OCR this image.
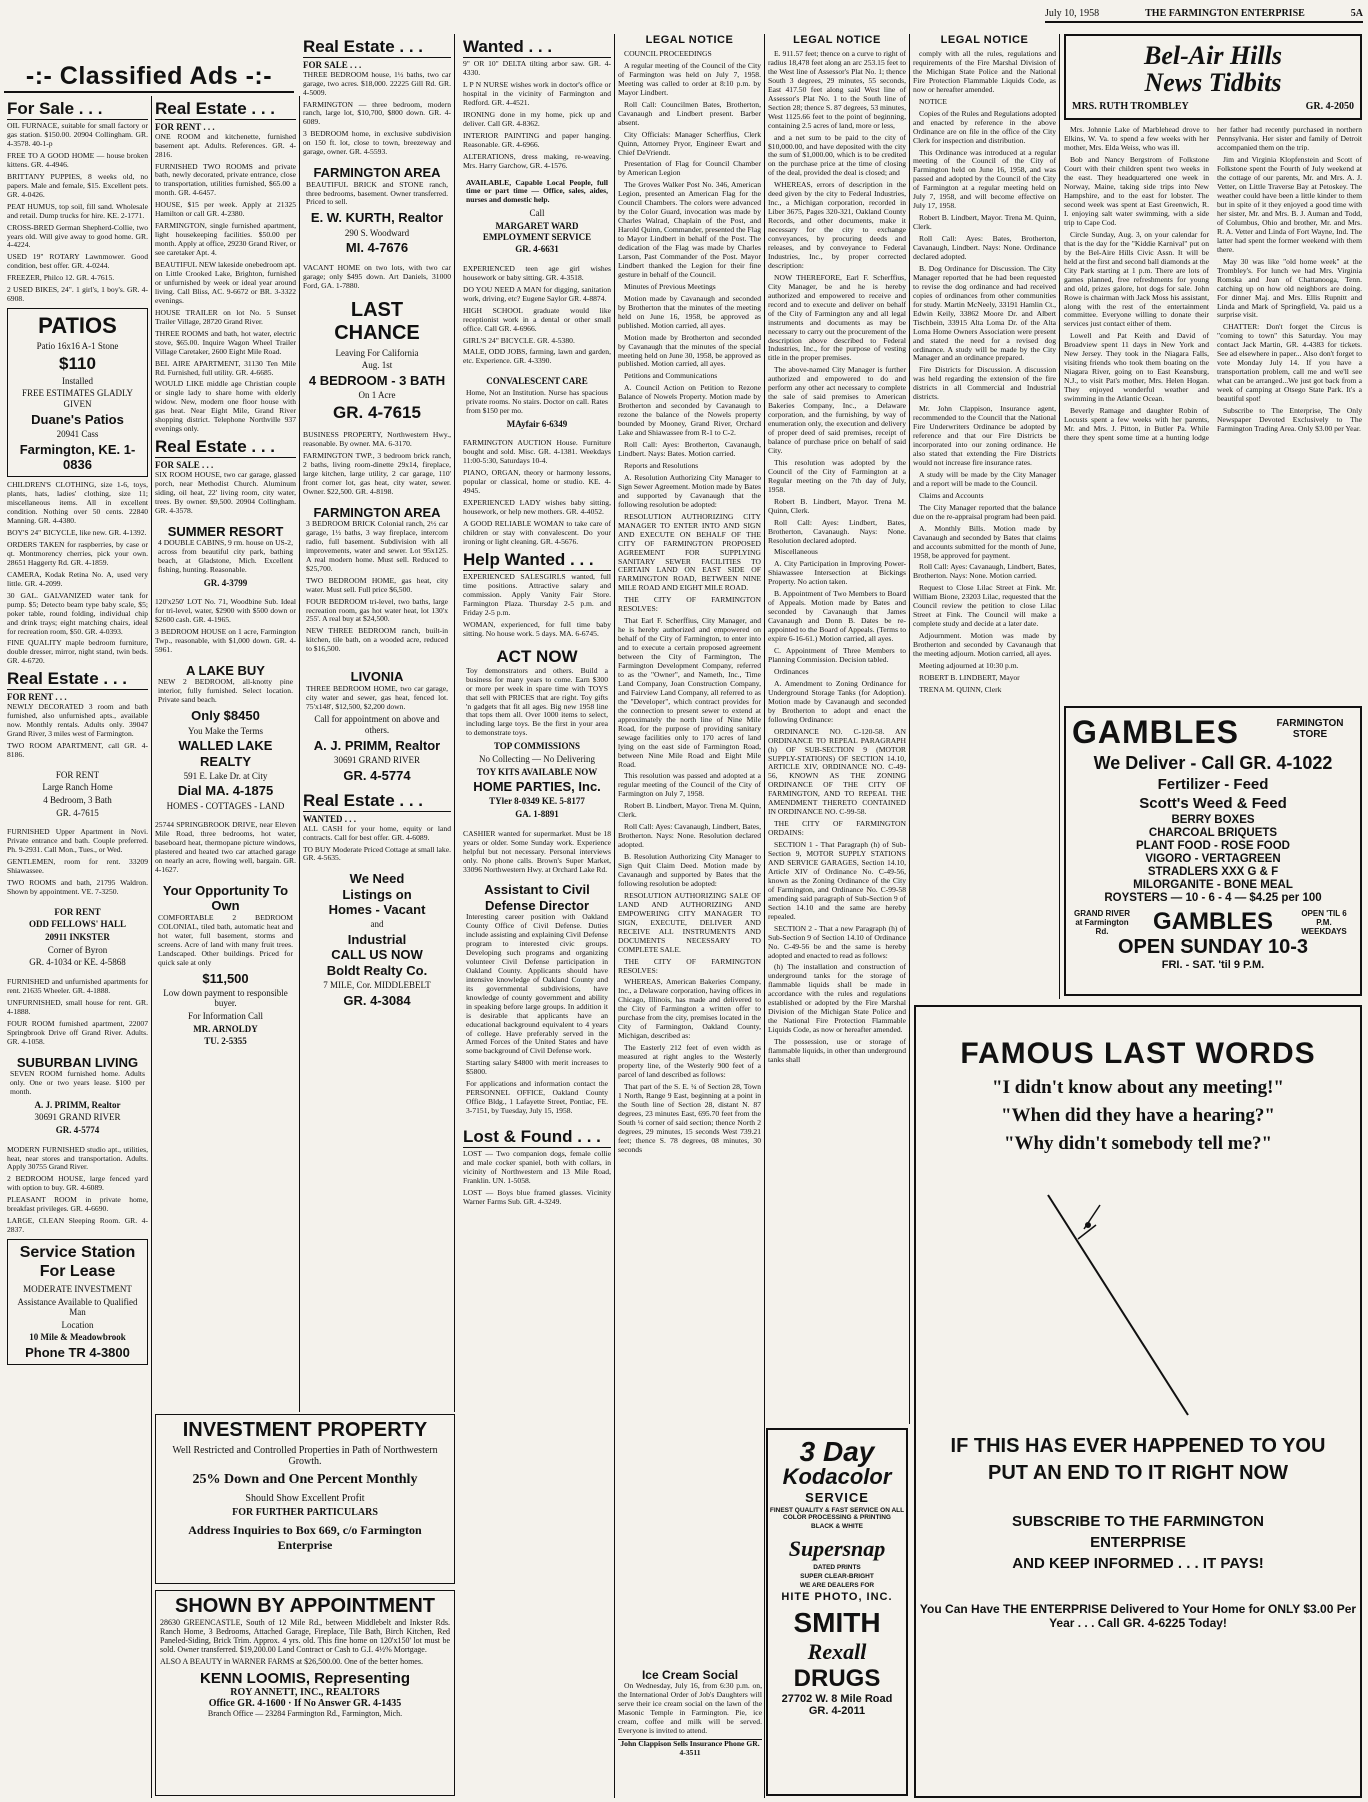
July 10, 1958	THE FARMINGTON ENTERPRISE	5A
-:- Classified Ads -:-
For Sale . . .
OIL FURNACE, suitable for small factory or gas station. $150.00. 20904 Collingham. GR. 4-3578. 40-1-p
FREE TO A GOOD HOME — house broken kittens. GR. 4-4946.
BRITTANY PUPPIES, 8 weeks old, no papers. Male and female, $15. Excellent pets. GR. 4-0426.
PEAT HUMUS, top soil, fill sand. Wholesale and retail. Dump trucks for hire. KE. 2-1771.
CROSS-BRED German Shepherd-Collie, two years old. Will give away to good home. GR. 4-4224.
USED 19" ROTARY Lawnmower. Good condition, best offer. GR. 4-0244.
FREEZER, Philco 12. GR. 4-7615.
2 USED BIKES, 24". 1 girl's, 1 boy's. GR. 4-6908.
PATIOS
Patio 16x16 A-1 Stone
$110
Installed
FREE ESTIMATES GLADLY GIVEN
Duane's Patios
20941 Cass
Farmington, KE. 1-0836
CHILDREN'S CLOTHING, size 1-6, toys, plants, hats, ladies' clothing, size 11; miscellaneous items. All in excellent condition. Nothing over 50 cents. 22840 Manning. GR. 4-4380.
BOY'S 24" BICYCLE, like new. GR. 4-1392.
ORDERS TAKEN for raspberries, by case or qt. Montmorency cherries, pick your own. 28651 Haggerty Rd. GR. 4-1859.
CAMERA, Kodak Retina No. A, used very little. GR. 4-2099.
30 GAL. GALVANIZED water tank for pump. $5; Detecto beam type baby scale, $5; poker table, round folding, individual chip and drink trays; eight matching chairs, ideal for recreation room, $50. GR. 4-0393.
FINE QUALITY maple bedroom furniture, double dresser, mirror, night stand, twin beds. GR. 4-6720.
Real Estate . . .
FOR RENT . . .
NEWLY DECORATED 3 room and bath furnished, also unfurnished apts., available now. Monthly rentals. Adults only. 39047 Grand River, 3 miles west of Farmington.
TWO ROOM APARTMENT, call GR. 4-8186.
FOR RENT
Large Ranch Home
4 Bedroom, 3 Bath
GR. 4-7615
FURNISHED Upper Apartment in Novi. Private entrance and bath. Couple preferred. Ph. 9-2931. Call Mon., Tues., or Wed.
GENTLEMEN, room for rent. 33209 Shiawassee.
TWO ROOMS and bath, 21795 Waldron. Shown by appointment. VE. 7-3250.
FOR RENT
ODD FELLOWS' HALL
20911 INKSTER
Corner of Byron
GR. 4-1034 or KE. 4-5868
FURNISHED and unfurnished apartments for rent. 21635 Wheeler. GR. 4-1888.
UNFURNISHED, small house for rent. GR. 4-1888.
FOUR ROOM furnished apartment, 22007 Springbrook Drive off Grand River. Adults. GR. 4-1058.
SUBURBAN LIVING
SEVEN ROOM furnished home. Adults only. One or two years lease. $100 per month.
A. J. PRIMM, Realtor
30691 GRAND RIVER
GR. 4-5774
MODERN FURNISHED studio apt., utilities, heat, near stores and transportation. Adults. Apply 30755 Grand River.
2 BEDROOM HOUSE, large fenced yard with option to buy. GR. 4-6089.
PLEASANT ROOM in private home, breakfast privileges. GR. 4-6690.
LARGE, CLEAN Sleeping Room. GR. 4-2837.
Service Station
For Lease
MODERATE INVESTMENT
Assistance Available to Qualified Man
Location
10 Mile & Meadowbrook
Phone TR 4-3800
Real Estate . . .
FOR RENT . . .
ONE ROOM and kitchenette, furnished basement apt. Adults. References. GR. 4-2816.
FURNISHED TWO ROOMS and private bath, newly decorated, private entrance, close to transportation, utilities furnished, $65.00 a month. GR. 4-6457.
HOUSE, $15 per week. Apply at 21325 Hamilton or call GR. 4-2380.
FARMINGTON, single furnished apartment, light housekeeping facilities. $50.00 per month. Apply at office, 29230 Grand River, or see caretaker Apt. 4.
BEAUTIFUL NEW lakeside onebedroom apt. on Little Crooked Lake, Brighton, furnished or unfurnished by week or ideal year around living. Call Bliss, AC. 9-6672 or BR. 3-3322 evenings.
HOUSE TRAILER on lot No. 5 Sunset Trailer Village, 28720 Grand River.
THREE ROOMS and bath, hot water, electric stove, $65.00. Inquire Wagon Wheel Trailer Village Caretaker, 2600 Eight Mile Road.
BEL AIRE APARTMENT, 31130 Ten Mile Rd. Furnished, full utility. GR. 4-6685.
WOULD LIKE middle age Christian couple or single lady to share home with elderly widow. New, modern one floor house with gas heat. Near Eight Mile, Grand River shopping district. Telephone Northville 937 evenings only.
Real Estate . . .
FOR SALE . . .
SIX ROOM HOUSE, two car garage, glassed porch, near Methodist Church. Aluminum siding, oil heat, 22' living room, city water, trees. By owner. $9,500. 20904 Collingham. GR. 4-3578.
SUMMER RESORT
4 DOUBLE CABINS, 9 rm. house on US-2, across from beautiful city park, bathing beach, at Gladstone, Mich. Excellent fishing, hunting. Reasonable.
GR. 4-3799
120'x250' LOT No. 71, Woodbine Sub. Ideal for tri-level, water, $2900 with $500 down or $2600 cash. GR. 4-1965.
3 BEDROOM HOUSE on 1 acre, Farmington Twp., reasonable, with $1,000 down. GR. 4-5961.
A LAKE BUY
NEW 2 BEDROOM, all-knotty pine interior, fully furnished. Select location. Private sand beach.
Only $8450
You Make the Terms
WALLED LAKE REALTY
591 E. Lake Dr. at City
Dial MA. 4-1875
HOMES - COTTAGES - LAND
25744 SPRINGBROOK DRIVE, near Eleven Mile Road, three bedrooms, hot water, baseboard heat, thermopane picture windows, plastered and heated two car attached garage on nearly an acre, flowing well, bargain. GR. 4-1627.
Your Opportunity To Own
COMFORTABLE 2 BEDROOM COLONIAL, tiled bath, automatic heat and hot water, full basement, storms and screens. Acre of land with many fruit trees. Landscaped. Other buildings. Priced for quick sale at only
$11,500
Low down payment to responsible buyer.
For Information Call
MR. ARNOLDY
TU. 2-5355
Real Estate . . .
FOR SALE . . .
THREE BEDROOM house, 1½ baths, two car garage, two acres. $18,000. 22225 Gill Rd. GR. 4-5009.
FARMINGTON — three bedroom, modern ranch, large lot, $10,700, $800 down. GR. 4-6089.
3 BEDROOM home, in exclusive subdivision on 150 ft. lot, close to town, breezeway and garage, owner. GR. 4-5593.
FARMINGTON AREA
BEAUTIFUL BRICK and STONE ranch, three bedrooms, basement. Owner transferred. Priced to sell.
E. W. KURTH, Realtor
290 S. Woodward
MI. 4-7676
VACANT HOME on two lots, with two car garage; only $495 down. Art Daniels, 31000 Ford, GA. 1-7880.
LAST CHANCE
Leaving For California
Aug. 1st
4 BEDROOM - 3 BATH
On 1 Acre
GR. 4-7615
BUSINESS PROPERTY, Northwestern Hwy., reasonable. By owner. MA. 6-3170.
FARMINGTON TWP., 3 bedroom brick ranch, 2 baths, living room-dinette 29x14, fireplace, large kitchen, large utility, 2 car garage, 110' front corner lot, gas heat, city water, sewer. Owner. $22,500. GR. 4-8198.
FARMINGTON AREA
3 BEDROOM BRICK Colonial ranch, 2½ car garage, 1½ baths, 3 way fireplace, intercom radio, full basement. Subdivision with all improvements, water and sewer. Lot 95x125. A real modern home. Must sell. Reduced to $25,700.
TWO BEDROOM HOME, gas heat, city water. Must sell. Full price $6,500.
FOUR BEDROOM tri-level, two baths, large recreation room, gas hot water heat, lot 130'x 255'. A real buy at $24,500.
NEW THREE BEDROOM ranch, built-in kitchen, tile bath, on a wooded acre, reduced to $16,500.
LIVONIA
THREE BEDROOM HOME, two car garage, city water and sewer, gas heat, fenced lot. 75'x148', $12,500, $2,200 down.
Call for appointment on above and others.
A. J. PRIMM, Realtor
30691 GRAND RIVER
GR. 4-5774
Real Estate . . .
WANTED . . .
ALL CASH for your home, equity or land contracts. Call for best offer. GR. 4-6089.
TO BUY Moderate Priced Cottage at small lake. GR. 4-5635.
We Need
Listings on
Homes - Vacant
and
Industrial
CALL US NOW
Boldt Realty Co.
7 MILE, Cor. MIDDLEBELT
GR. 4-3084
INVESTMENT PROPERTY
Well Restricted and Controlled Properties in Path of Northwestern Growth.
25% Down and One Percent Monthly
Should Show Excellent Profit
FOR FURTHER PARTICULARS
Address Inquiries to Box 669, c/o Farmington Enterprise
SHOWN BY APPOINTMENT
28630 GREENCASTLE, South of 12 Mile Rd., between Middlebelt and Inkster Rds. Ranch Home, 3 Bedrooms, Attached Garage, Fireplace, Tile Bath, Birch Kitchen, Red Paneled-Siding, Brick Trim. Approx. 4 yrs. old. This fine home on 120'x150' lot must be sold. Owner transferred. $19,200.00 Land Contract or Cash to G.I. 4½% Mortgage.
ALSO A BEAUTY in WARNER FARMS at $26,500.00. One of the better homes.
KENN LOOMIS, Representing
ROY ANNETT, INC., REALTORS
Office GR. 4-1600 · If No Answer GR. 4-1435
Branch Office — 23284 Farmington Rd., Farmington, Mich.
Wanted . . .
9" OR 10" DELTA tilting arbor saw. GR. 4-4330.
L P N NURSE wishes work in doctor's office or hospital in the vicinity of Farmington and Redford. GR. 4-4521.
IRONING done in my home, pick up and deliver. Call GR. 4-8362.
INTERIOR PAINTING and paper hanging. Reasonable. GR. 4-6966.
ALTERATIONS, dress making, re-weaving. Mrs. Harry Garchow, GR. 4-1576.
AVAILABLE, Capable Local People, full time or part time — Office, sales, aides, nurses and domestic help.
Call
MARGARET WARD EMPLOYMENT SERVICE
GR. 4-6631
EXPERIENCED teen age girl wishes housework or baby sitting. GR. 4-3518.
DO YOU NEED A MAN for digging, sanitation work, driving, etc? Eugene Saylor GR. 4-8874.
HIGH SCHOOL graduate would like receptionist work in a dental or other small office. Call GR. 4-6966.
GIRL'S 24" BICYCLE. GR. 4-5380.
MALE, ODD JOBS, farming, lawn and garden, etc. Experience. GR. 4-3390.
CONVALESCENT CARE
Home, Not an Institution. Nurse has spacious private rooms. No stairs. Doctor on call. Rates from $150 per mo.
MAyfair 6-6349
FARMINGTON AUCTION House. Furniture bought and sold. Misc. GR. 4-1381. Weekdays 11:00-5:30, Saturdays 10-4.
PIANO, ORGAN, theory or harmony lessons, popular or classical, home or studio. KE. 4-4945.
EXPERIENCED LADY wishes baby sitting, housework, or help new mothers. GR. 4-4052.
A GOOD RELIABLE WOMAN to take care of children or stay with convalescent. Do your ironing or light cleaning. GR. 4-5676.
Help Wanted . . .
EXPERIENCED SALESGIRLS wanted, full time positions. Attractive salary and commission. Apply Vanity Fair Store. Farmington Plaza. Thursday 2-5 p.m. and Friday 2-5 p.m.
WOMAN, experienced, for full time baby sitting. No house work. 5 days. MA. 6-6745.
ACT NOW
Toy demonstrators and others. Build a business for many years to come. Earn $300 or more per week in spare time with TOYS that sell with PRICES that are right. Toy gifts 'n gadgets that fit all ages. Big new 1958 line that tops them all. Over 1000 items to select, including large toys. Be the first in your area to demonstrate toys.
TOP COMMISSIONS
No Collecting — No Delivering
TOY KITS AVAILABLE NOW
HOME PARTIES, Inc.
TYler 8-0349 KE. 5-8177
GA. 1-8891
CASHIER wanted for supermarket. Must be 18 years or older. Some Sunday work. Experience helpful but not necessary. Personal interviews only. No phone calls. Brown's Super Market, 33096 Northwestern Hwy. at Orchard Lake Rd.
Assistant to Civil Defense Director
Interesting career position with Oakland County Office of Civil Defense. Duties include assisting and explaining Civil Defense program to interested civic groups. Developing such programs and organizing volunteer Civil Defense participation in Oakland County. Applicants should have intensive knowledge of Oakland County and its governmental subdivisions, have knowledge of county government and ability in speaking before large groups. In addition it is desirable that applicants have an educational background equivalent to 4 years of college. Have preferably served in the Armed Forces of the United States and have some background of Civil Defense work.
Starting salary $4800 with merit increases to $5800.
For applications and information contact the PERSONNEL OFFICE, Oakland County Office Bldg., 1 Lafayette Street, Pontiac, FE. 3-7151, by Tuesday, July 15, 1958.
Lost & Found . . .
LOST — Two companion dogs, female collie and male cocker spaniel, both with collars, in vicinity of Northwestern and 13 Mile Road, Franklin. UN. 1-5058.
LOST — Boys blue framed glasses. Vicinity Warner Farms Sub. GR. 4-3249.
LEGAL NOTICE
COUNCIL PROCEEDINGS
A regular meeting of the Council of the City of Farmington was held on July 7, 1958. Meeting was called to order at 8:10 p.m. by Mayor Lindbert.
Roll Call: Councilmen Bates, Brotherton, Cavanaugh and Lindbert present. Barber absent.
City Officials: Manager Scherffius, Clerk Quinn, Attorney Pryor, Engineer Ewart and Chief DeVriendt.
Presentation of Flag for Council Chamber by American Legion
The Groves Walker Post No. 346, American Legion, presented an American Flag for the Council Chambers. The colors were advanced by the Color Guard, invocation was made by Charles Walrad, Chaplain of the Post, and Harold Quinn, Commander, presented the Flag to Mayor Lindbert in behalf of the Post. The dedication of the Flag was made by Charles Larson, Past Commander of the Post. Mayor Lindbert thanked the Legion for their fine gesture in behalf of the Council.
Minutes of Previous Meetings
Motion made by Cavanaugh and seconded by Brotherton that the minutes of the meeting held on June 16, 1958, be approved as published. Motion carried, all ayes.
Motion made by Brotherton and seconded by Cavanaugh that the minutes of the special meeting held on June 30, 1958, be approved as published. Motion carried, all ayes.
Petitions and Communications
A. Council Action on Petition to Rezone Balance of Nowels Property. Motion made by Brotherton and seconded by Cavanaugh to rezone the balance of the Nowels property bounded by Mooney, Grand River, Orchard Lake and Shiawassee from R-1 to C-2.
Roll Call: Ayes: Brotherton, Cavanaugh, Lindbert. Nays: Bates. Motion carried.
Reports and Resolutions
A. Resolution Authorizing City Manager to Sign Sewer Agreement. Motion made by Bates and supported by Cavanaugh that the following resolution be adopted:
RESOLUTION AUTHORIZING CITY MANAGER TO ENTER INTO AND SIGN AND EXECUTE ON BEHALF OF THE CITY OF FARMINGTON PROPOSED AGREEMENT FOR SUPPLYING SANITARY SEWER FACILITIES TO CERTAIN LAND ON EAST SIDE OF FARMINGTON ROAD, BETWEEN NINE MILE ROAD AND EIGHT MILE ROAD.
THE CITY OF FARMINGTON RESOLVES:
That Earl F. Scherffius, City Manager, and he is hereby authorized and empowered on behalf of the City of Farmington, to enter into and to execute a certain proposed agreement between the City of Farmington, The Farmington Development Company, referred to as the "Owner", and Nameth, Inc., Time Land Company, Joan Construction Company, and Fairview Land Company, all referred to as the "Developer", which contract provides for the connection to present sewer to extend at approximately the north line of Nine Mile Road, for the purpose of providing sanitary sewage facilities only to 170 acres of land lying on the east side of Farmington Road, between Nine Mile Road and Eight Mile Road.
This resolution was passed and adopted at a regular meeting of the Council of the City of Farmington on July 7, 1958.
Robert B. Lindbert, Mayor. Trena M. Quinn, Clerk.
Roll Call: Ayes: Cavanaugh, Lindbert, Bates, Brotherton. Nays: None. Resolution declared adopted.
B. Resolution Authorizing City Manager to Sign Quit Claim Deed. Motion made by Cavanaugh and supported by Bates that the following resolution be adopted:
RESOLUTION AUTHORIZING SALE OF LAND AND AUTHORIZING AND EMPOWERING CITY MANAGER TO SIGN, EXECUTE, DELIVER AND RECEIVE ALL INSTRUMENTS AND DOCUMENTS NECESSARY TO COMPLETE SALE.
THE CITY OF FARMINGTON RESOLVES:
WHEREAS, American Bakeries Company, Inc., a Delaware corporation, having offices in Chicago, Illinois, has made and delivered to the City of Farmington a written offer to purchase from the city, premises located in the City of Farmington, Oakland County, Michigan, described as:
The Easterly 212 feet of even width as measured at right angles to the Westerly property line, of the Westerly 900 feet of a parcel of land described as follows:
That part of the S. E. ¼ of Section 28, Town 1 North, Range 9 East, beginning at a point in the South line of Section 28, distant N. 87 degrees, 23 minutes East, 695.70 feet from the South ¼ corner of said section; thence North 2 degrees, 29 minutes, 15 seconds West 739.21 feet; thence S. 78 degrees, 08 minutes, 30 seconds
LEGAL NOTICE
E. 911.57 feet; thence on a curve to right of radius 18,478 feet along an arc 253.15 feet to the West line of Assessor's Plat No. 1; thence South 3 degrees, 29 minutes, 55 seconds, East 417.50 feet along said West line of Assessor's Plat No. 1 to the South line of Section 28; thence S. 87 degrees, 53 minutes, West 1125.66 feet to the point of beginning, containing 2.5 acres of land, more or less,
and a net sum to be paid to the city of $10,000.00, and have deposited with the city the sum of $1,000.00, which is to be credited on the purchase price at the time of closing of the deal, provided the deal is closed; and
WHEREAS, errors of description in the deed given by the city to Federal Industries, Inc., a Michigan corporation, recorded in Liber 3675, Pages 320-321, Oakland County Records, and other documents, make it necessary for the city to exchange conveyances, by procuring deeds and releases, and by conveyance to Federal Industries, Inc., by proper corrected description:
NOW THEREFORE, Earl F. Scherffius, City Manager, be and he is hereby authorized and empowered to receive and record and to execute and deliver on behalf of the City of Farmington any and all legal instruments and documents as may be necessary to carry out the procurement of the description above described to Federal Industries, Inc., for the purpose of vesting title in the proper premises.
The above-named City Manager is further authorized and empowered to do and perform any other act necessary to complete the sale of said premises to American Bakeries Company, Inc., a Delaware corporation, and the furnishing, by way of enumeration only, the execution and delivery of proper deed of said premises, receipt of balance of purchase price on behalf of said City.
This resolution was adopted by the Council of the City of Farmington at a Regular meeting on the 7th day of July, 1958.
Robert B. Lindbert, Mayor. Trena M. Quinn, Clerk.
Roll Call: Ayes: Lindbert, Bates, Brotherton, Cavanaugh. Nays: None. Resolution declared adopted.
Miscellaneous
A. City Participation in Improving Power-Shiawassee Intersection at Bickings Property. No action taken.
B. Appointment of Two Members to Board of Appeals. Motion made by Bates and seconded by Cavanaugh that James Cavanaugh and Donn B. Dates be re-appointed to the Board of Appeals. (Terms to expire 6-16-61.) Motion carried, all ayes.
C. Appointment of Three Members to Planning Commission. Decision tabled.
Ordinances
A. Amendment to Zoning Ordinance for Underground Storage Tanks (for Adoption). Motion made by Cavanaugh and seconded by Brotherton to adopt and enact the following Ordinance:
ORDINANCE NO. C-120-58. AN ORDINANCE TO REPEAL PARAGRAPH (h) OF SUB-SECTION 9 (MOTOR SUPPLY-STATIONS) OF SECTION 14.10, ARTICLE XIV, ORDINANCE NO. C-49-56, KNOWN AS THE ZONING ORDINANCE OF THE CITY OF FARMINGTON, AND TO REPEAL THE AMENDMENT THERETO CONTAINED IN ORDINANCE NO. C-99-58.
THE CITY OF FARMINGTON ORDAINS:
SECTION 1 - That Paragraph (h) of Sub-Section 9, MOTOR SUPPLY STATIONS AND SERVICE GARAGES, Section 14.10, Article XIV of Ordinance No. C-49-56, known as the Zoning Ordinance of the City of Farmington, and Ordinance No. C-99-58 amending said paragraph of Sub-Section 9 of Section 14.10 and the same are hereby repealed.
SECTION 2 - That a new Paragraph (h) of Sub-Section 9 of Section 14.10 of Ordinance No. C-49-56 be and the same is hereby adopted and enacted to read as follows:
(h) The installation and construction of underground tanks for the storage of flammable liquids shall be made in accordance with the rules and regulations established or adopted by the Fire Marshal Division of the Michigan State Police and the National Fire Protection Flammable Liquids Code, as now or hereafter amended.
The possession, use or storage of flammable liquids, in other than underground tanks shall
LEGAL NOTICE
comply with all the rules, regulations and requirements of the Fire Marshal Division of the Michigan State Police and the National Fire Protection Flammable Liquids Code, as now or hereafter amended.
NOTICE
Copies of the Rules and Regulations adopted and enacted by reference in the above Ordinance are on file in the office of the City Clerk for inspection and distribution.
This Ordinance was introduced at a regular meeting of the Council of the City of Farmington held on June 16, 1958, and was passed and adopted by the Council of the City of Farmington at a regular meeting held on July 7, 1958, and will become effective on July 17, 1958.
Robert B. Lindbert, Mayor. Trena M. Quinn, Clerk.
Roll Call: Ayes: Bates, Brotherton, Cavanaugh, Lindbert. Nays: None. Ordinance declared adopted.
B. Dog Ordinance for Discussion. The City Manager reported that he had been requested to revise the dog ordinance and had received copies of ordinances from other communities for study. Martin McNeely, 33191 Hamlin Ct., Edwin Keily, 33862 Moore Dr. and Albert Tischbein, 33915 Alta Loma Dr. of the Alta Loma Home Owners Association were present and stated the need for a revised dog ordinance. A study will be made by the City Manager and an ordinance prepared.
Fire Districts for Discussion. A discussion was held regarding the extension of the fire districts in all Commercial and Industrial districts.
Mr. John Clappison, Insurance agent, recommended to the Council that the National Fire Underwriters Ordinance be adopted by reference and that our Fire Districts be incorporated into our zoning ordinance. He also stated that extending the Fire Districts would not increase fire insurance rates.
A study will be made by the City Manager and a report will be made to the Council.
Claims and Accounts
The City Manager reported that the balance due on the re-appraisal program had been paid.
A. Monthly Bills. Motion made by Cavanaugh and seconded by Bates that claims and accounts submitted for the month of June, 1958, be approved for payment.
Roll Call: Ayes: Cavanaugh, Lindbert, Bates, Brotherton. Nays: None. Motion carried.
Request to Close Lilac Street at Fink. Mr. William Bione, 23203 Lilac, requested that the Council review the petition to close Lilac Street at Fink. The Council will make a complete study and decide at a later date.
Adjournment. Motion was made by Brotherton and seconded by Cavanaugh that the meeting adjourn. Motion carried, all ayes.
Meeting adjourned at 10:30 p.m.
ROBERT B. LINDBERT, Mayor
TRENA M. QUINN, Clerk
Ice Cream Social
On Wednesday, July 16, from 6:30 p.m. on, the International Order of Job's Daughters will serve their ice cream social on the lawn of the Masonic Temple in Farmington. Pie, ice cream, coffee and milk will be served. Everyone is invited to attend.
John Clappison Sells Insurance Phone GR. 4-3511
Bel-Air Hills
News Tidbits
MRS. RUTH TROMBLEY	GR. 4-2050
Mrs. Johnnie Lake of Marblehead drove to Elkins, W. Va. to spend a few weeks with her mother, Mrs. Elda Weiss, who was ill.
Bob and Nancy Bergstrom of Folkstone Court with their children spent two weeks in the east. They headquartered one week in Norway, Maine, taking side trips into New Hampshire, and to the east for lobster. The second week was spent at East Greenwich, R. I. enjoying salt water swimming, with a side trip to Cape Cod.
Circle Sunday, Aug. 3, on your calendar for that is the day for the "Kiddie Karnival" put on by the Bel-Aire Hills Civic Assn. It will be held at the first and second ball diamonds at the City Park starting at 1 p.m. There are lots of games planned, free refreshments for young and old, prizes galore, hot dogs for sale. John Rowe is chairman with Jack Moss his assistant, along with the rest of the entertainment committee. Everyone willing to donate their services just contact either of them.
Lowell and Pat Keith and David of Broadview spent 11 days in New York and New Jersey. They took in the Niagara Falls, visiting friends who took them boating on the Niagara River, going on to East Keansburg, N.J., to visit Pat's mother, Mrs. Helen Hogan. They enjoyed wonderful weather and swimming in the Atlantic Ocean.
Beverly Ramage and daughter Robin of Locusts spent a few weeks with her parents, Mr. and Mrs. J. Pitton, in Butler Pa. While there they spent some time at a hunting lodge her father had recently purchased in northern Pennsylvania. Her sister and family of Detroit accompanied them on the trip.
Jim and Virginia Klopfenstein and Scott of Folkstone spent the Fourth of July weekend at the cottage of our parents, Mr. and Mrs. A. J. Vetter, on Little Traverse Bay at Petoskey. The weather could have been a little kinder to them but in spite of it they enjoyed a good time with her sister, Mr. and Mrs. B. J. Auman and Todd, of Columbus, Ohio and brother, Mr. and Mrs. R. A. Vetter and Linda of Fort Wayne, Ind. The latter had spent the former weekend with them there.
May 30 was like "old home week" at the Trombley's. For lunch we had Mrs. Virginia Romska and Jean of Chattanooga, Tenn. catching up on how old neighbors are doing. For dinner Maj. and Mrs. Ellis Rupnitt and Linda and Mark of Springfield, Va. paid us a surprise visit.
CHATTER: Don't forget the Circus is "coming to town" this Saturday. You may contact Jack Martin, GR. 4-4383 for tickets. See ad elsewhere in paper... Also don't forget to vote Monday July 14. If you have a transportation problem, call me and we'll see what can be arranged...We just got back from a week of camping at Otsego State Park. It's a beautiful spot!
Subscribe to The Enterprise, The Only Newspaper Devoted Exclusively to The Farmington Trading Area. Only $3.00 per Year.
GAMBLES	FARMINGTON STORE
We Deliver - Call GR. 4-1022
Fertilizer - Feed
Scott's Weed & Feed
BERRY BOXES
CHARCOAL BRIQUETS
PLANT FOOD - ROSE FOOD
VIGORO - VERTAGREEN
STRADLERS XXX G & F
MILORGANITE - BONE MEAL
ROYSTERS — 10 - 6 - 4 — $4.25 per 100
GRAND RIVER at Farmington Rd.	GAMBLES	OPEN 'TIL 6 P.M. WEEKDAYS
OPEN SUNDAY 10-3
FRI. - SAT. 'til 9 P.M.
FAMOUS LAST WORDS
"I didn't know about any meeting!"
"When did they have a hearing?"
"Why didn't somebody tell me?"
IF THIS HAS EVER HAPPENED TO YOU
PUT AN END TO IT RIGHT NOW
SUBSCRIBE TO THE FARMINGTON
ENTERPRISE
AND KEEP INFORMED . . . IT PAYS!
You Can Have THE ENTERPRISE Delivered to Your Home for ONLY $3.00 Per Year . . . Call GR. 4-6225 Today!
3 Day
Kodacolor
SERVICE
FINEST QUALITY & FAST SERVICE ON ALL COLOR PROCESSING & PRINTING
BLACK & WHITE
Supersnap
DATED PRINTS
SUPER CLEAR-BRIGHT
WE ARE DEALERS FOR
HITE PHOTO, INC.
SMITH
Rexall
DRUGS
27702 W. 8 Mile Road
GR. 4-2011
